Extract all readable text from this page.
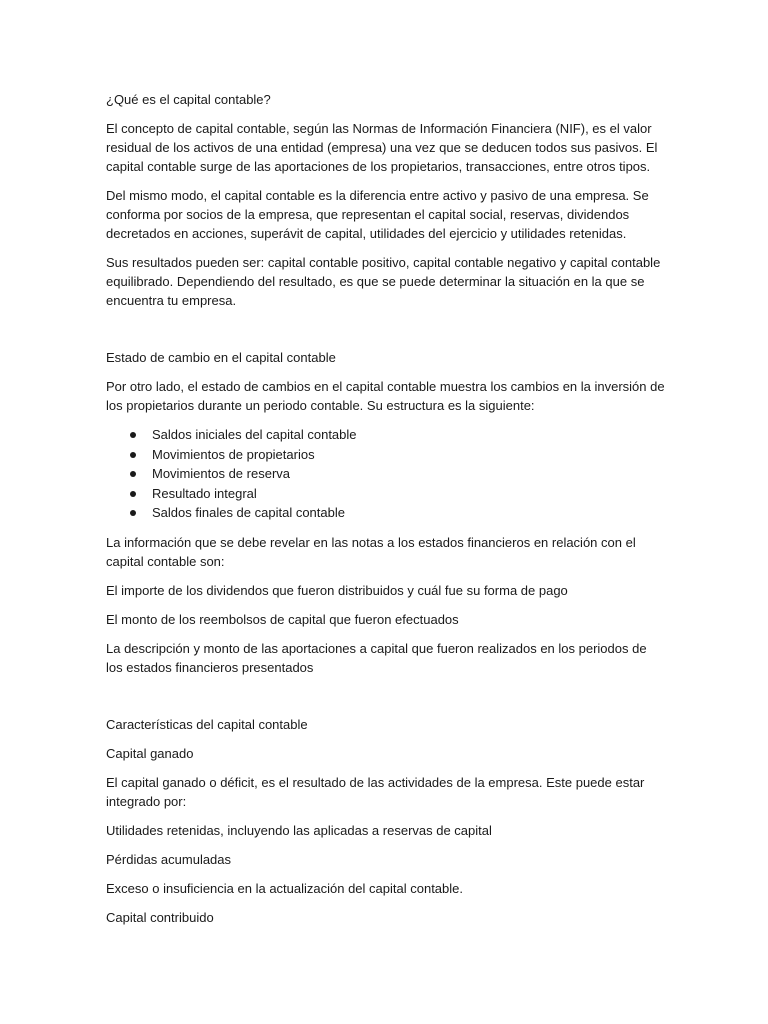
¿Qué es el capital contable?

El concepto de capital contable, según las Normas de Información Financiera (NIF), es el valor residual de los activos de una entidad (empresa) una vez que se deducen todos sus pasivos. El capital contable surge de las aportaciones de los propietarios, transacciones, entre otros tipos.

Del mismo modo, el capital contable es la diferencia entre activo y pasivo de una empresa. Se conforma por socios de la empresa, que representan el capital social, reservas, dividendos decretados en acciones, superávit de capital, utilidades del ejercicio y utilidades retenidas.

Sus resultados pueden ser: capital contable positivo, capital contable negativo y capital contable equilibrado. Dependiendo del resultado, es que se puede determinar la situación en la que se encuentra tu empresa.

Estado de cambio en el capital contable

Por otro lado, el estado de cambios en el capital contable muestra los cambios en la inversión de los propietarios durante un periodo contable. Su estructura es la siguiente:

Saldos iniciales del capital contable
Movimientos de propietarios
Movimientos de reserva
Resultado integral
Saldos finales de capital contable

La información que se debe revelar en las notas a los estados financieros en relación con el capital contable son:

El importe de los dividendos que fueron distribuidos y cuál fue su forma de pago

El monto de los reembolsos de capital que fueron efectuados

La descripción y monto de las aportaciones a capital que fueron realizados en los periodos de los estados financieros presentados

Características del capital contable

Capital ganado

El capital ganado o déficit, es el resultado de las actividades de la empresa. Este puede estar integrado por:

Utilidades retenidas, incluyendo las aplicadas a reservas de capital

Pérdidas acumuladas

Exceso o insuficiencia en la actualización del capital contable.

Capital contribuido
